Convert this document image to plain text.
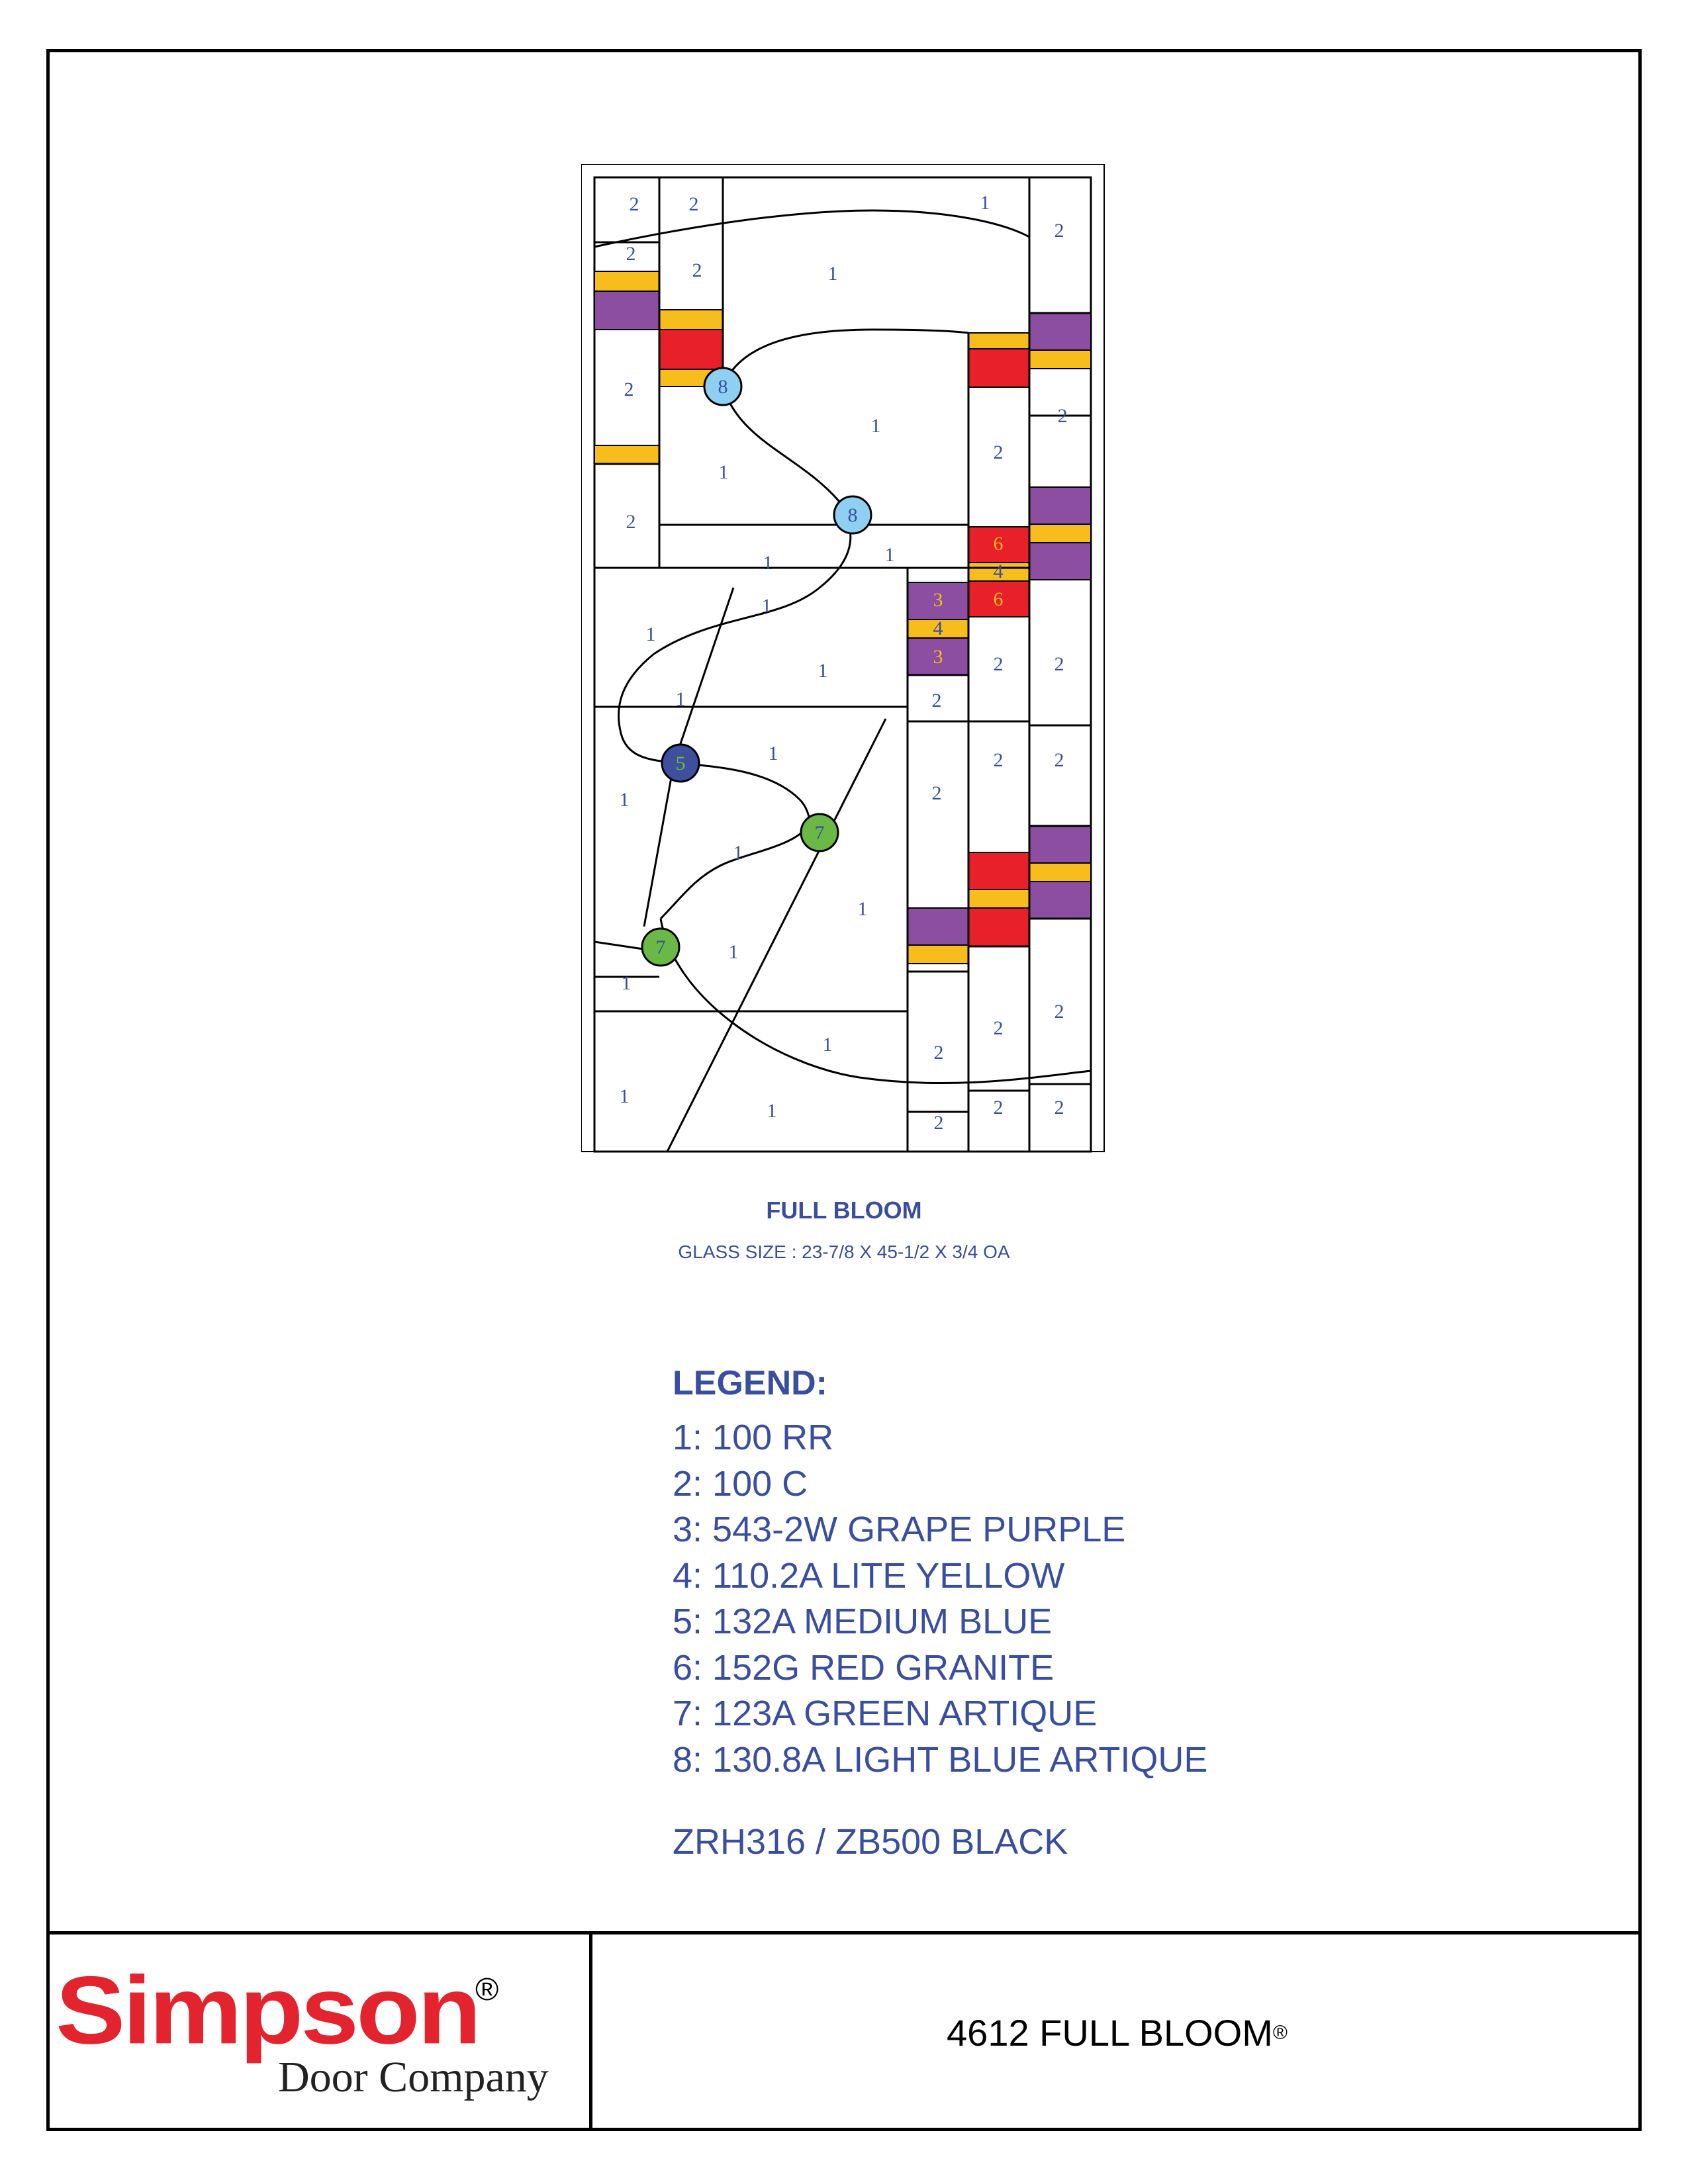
8
8
5
7
7
2	2	1
2
2
2	1
2
1	2
2
1
2
1	1
1
1
1
1
2	2
2
1	2	2
1	2
1
1
1
1
2
2
1	2
1
1	2	2
2
6
4
6
3
4
3
FULL BLOOM
GLASS SIZE : 23-7/8 X 45-1/2 X 3/4 OA
LEGEND:
1: 100 RR
2: 100 C
3: 543-2W GRAPE PURPLE
4: 110.2A LITE YELLOW
5: 132A MEDIUM BLUE
6: 152G RED GRANITE
7: 123A GREEN ARTIQUE
8: 130.8A LIGHT BLUE ARTIQUE
ZRH316 / ZB500 BLACK
Simpson
®
Door Company
4612 FULL BLOOM ®
